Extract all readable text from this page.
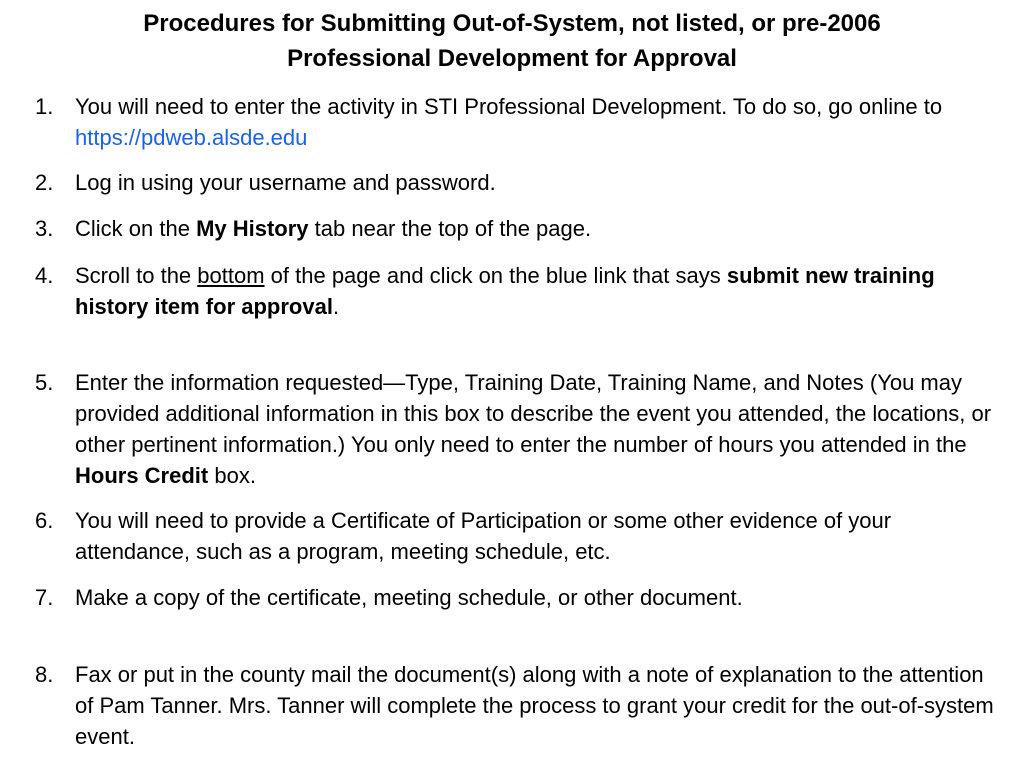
Procedures for Submitting Out-of-System, not listed, or pre-2006
Professional Development for Approval
1. You will need to enter the activity in STI Professional Development. To do so, go online to https://pdweb.alsde.edu
2. Log in using your username and password.
3. Click on the My History tab near the top of the page.
4. Scroll to the bottom of the page and click on the blue link that says submit new training history item for approval.
5. Enter the information requested—Type, Training Date, Training Name, and Notes (You may provided additional information in this box to describe the event you attended, the locations, or other pertinent information.) You only need to enter the number of hours you attended in the Hours Credit box.
6. You will need to provide a Certificate of Participation or some other evidence of your attendance, such as a program, meeting schedule, etc.
7. Make a copy of the certificate, meeting schedule, or other document.
8. Fax or put in the county mail the document(s) along with a note of explanation to the attention of Pam Tanner. Mrs. Tanner will complete the process to grant your credit for the out-of-system event.
